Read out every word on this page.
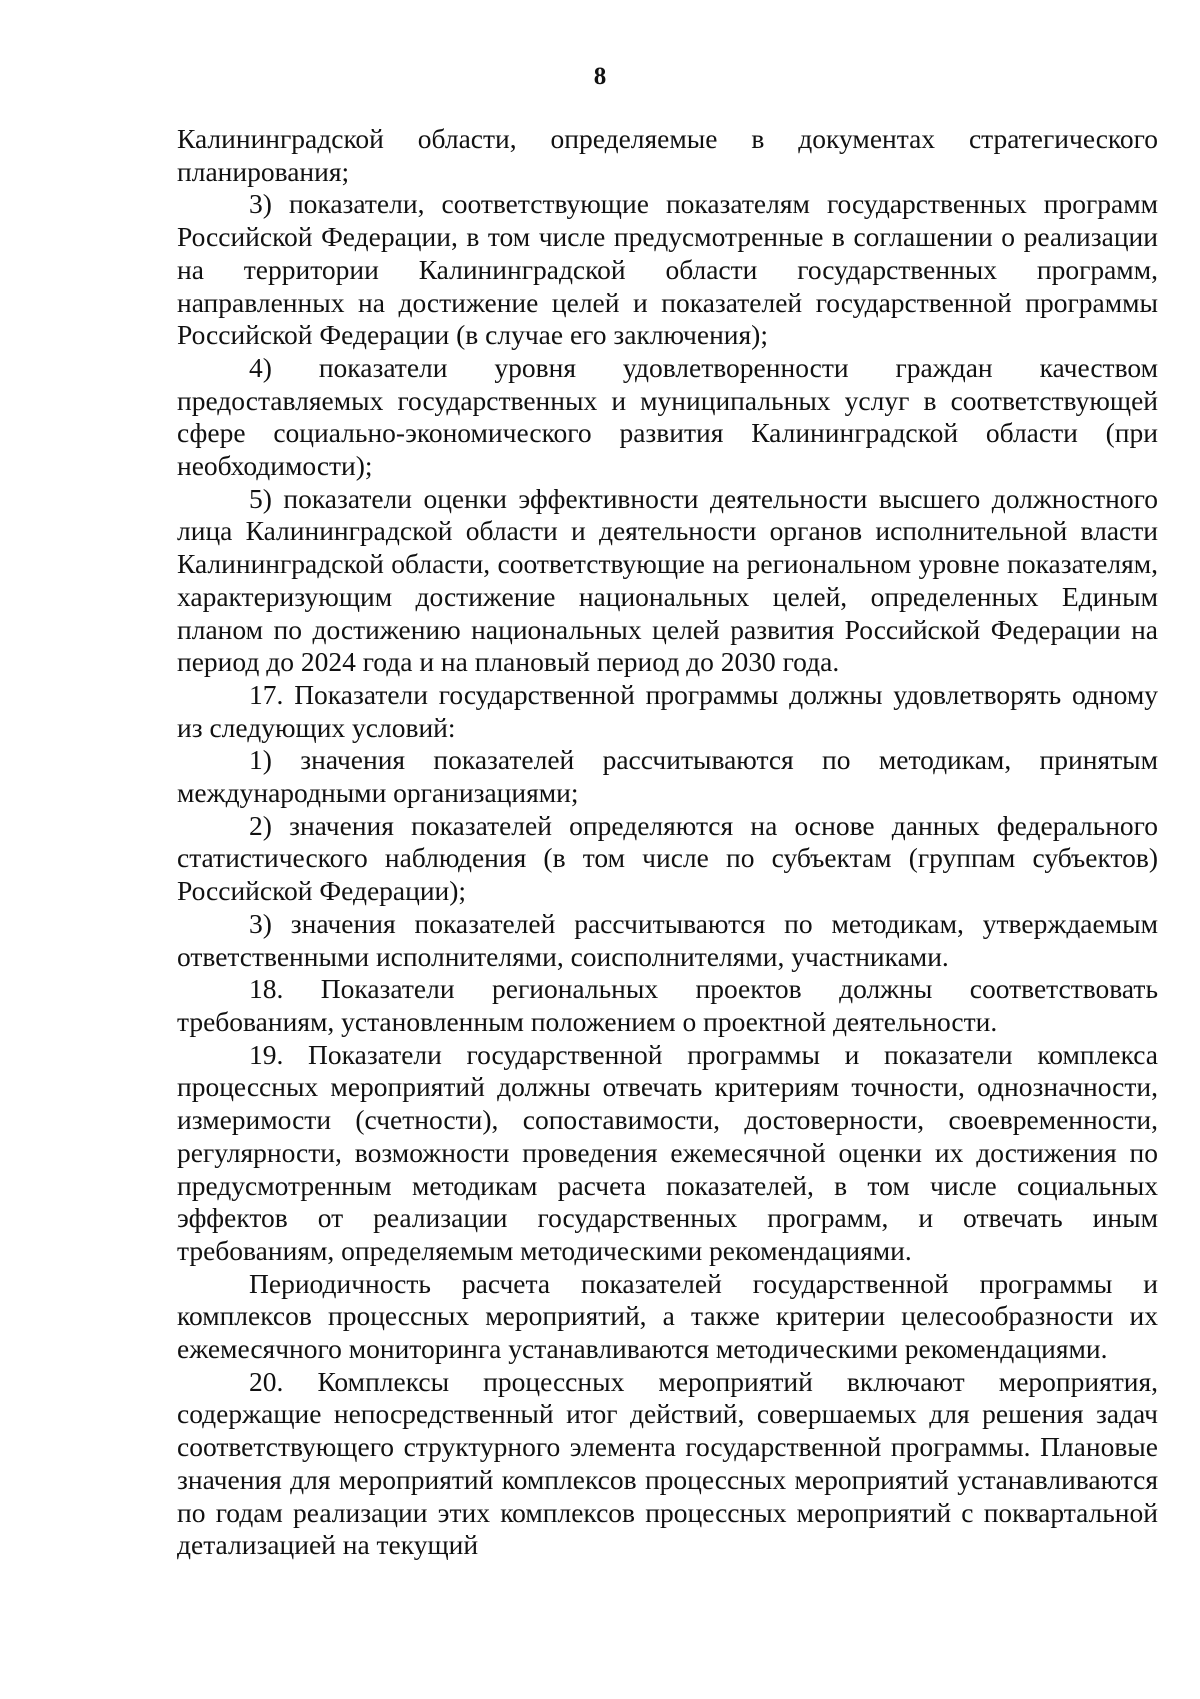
8

Калининградской области, определяемые в документах стратегического планирования;

3) показатели, соответствующие показателям государственных программ Российской Федерации, в том числе предусмотренные в соглашении о реализации на территории Калининградской области государственных программ, направленных на достижение целей и показателей государственной программы Российской Федерации (в случае его заключения);

4) показатели уровня удовлетворенности граждан качеством предоставляемых государственных и муниципальных услуг в соответствующей сфере социально-экономического развития Калининградской области (при необходимости);

5) показатели оценки эффективности деятельности высшего должностного лица Калининградской области и деятельности органов исполнительной власти Калининградской области, соответствующие на региональном уровне показателям, характеризующим достижение национальных целей, определенных Единым планом по достижению национальных целей развития Российской Федерации на период до 2024 года и на плановый период до 2030 года.

17. Показатели государственной программы должны удовлетворять одному из следующих условий:

1) значения показателей рассчитываются по методикам, принятым международными организациями;

2) значения показателей определяются на основе данных федерального статистического наблюдения (в том числе по субъектам (группам субъектов) Российской Федерации);

3) значения показателей рассчитываются по методикам, утверждаемым ответственными исполнителями, соисполнителями, участниками.

18. Показатели региональных проектов должны соответствовать требованиям, установленным положением о проектной деятельности.

19. Показатели государственной программы и показатели комплекса процессных мероприятий должны отвечать критериям точности, однозначности, измеримости (счетности), сопоставимости, достоверности, своевременности, регулярности, возможности проведения ежемесячной оценки их достижения по предусмотренным методикам расчета показателей, в том числе социальных эффектов от реализации государственных программ, и отвечать иным требованиям, определяемым методическими рекомендациями.

Периодичность расчета показателей государственной программы и комплексов процессных мероприятий, а также критерии целесообразности их ежемесячного мониторинга устанавливаются методическими рекомендациями.

20. Комплексы процессных мероприятий включают мероприятия, содержащие непосредственный итог действий, совершаемых для решения задач соответствующего структурного элемента государственной программы. Плановые значения для мероприятий комплексов процессных мероприятий устанавливаются по годам реализации этих комплексов процессных мероприятий с поквартальной детализацией на текущий
